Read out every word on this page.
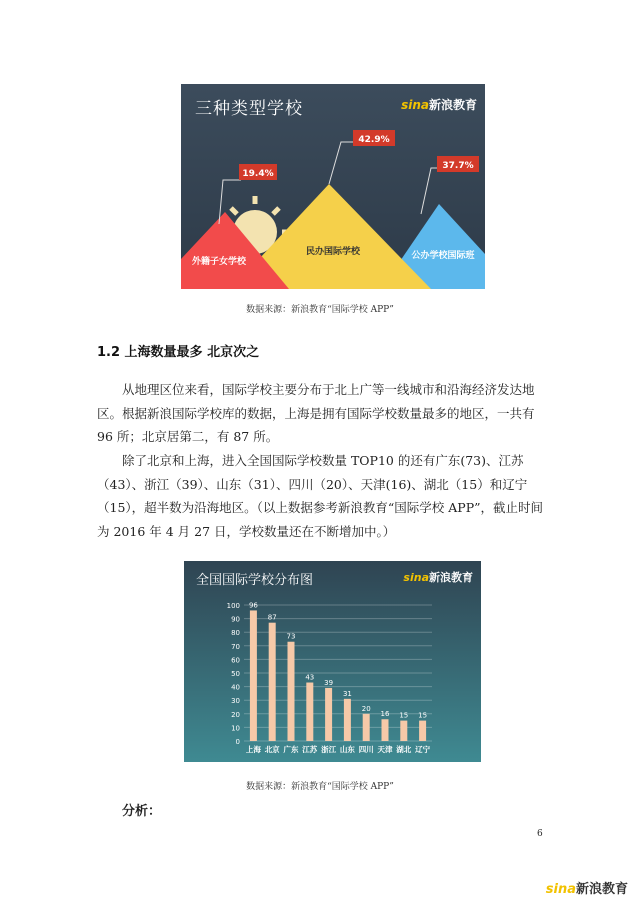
三种类型学校	sina新浪教育
19.4%
42.9%
37.7%
外籍子女学校
民办国际学校	公办学校国际班
数据来源：新浪教育“国际学校 APP”
1.2 上海数量最多 北京次之

从地理区位来看，国际学校主要分布于北上广等一线城市和沿海经济发达地区。根据新浪国际学校库的数据，上海是拥有国际学校数量最多的地区，一共有 96 所；北京居第二，有 87 所。

除了北京和上海，进入全国国际学校数量 TOP10 的还有广东(73)、江苏（43）、浙江（39）、山东（31）、四川（20）、天津(16)、湖北（15）和辽宁（15），超半数为沿海地区。（以上数据参考新浪教育“国际学校 APP”，截止时间为 2016 年 4 月 27 日，学校数量还在不断增加中。）

全国国际学校分布图	sina新浪教育
0
10
20
30
40
50
60
70
80
90
100 96
上海
87
北京
73
广东
43
江苏
39
浙江
31
山东
20
四川
16
天津
15
湖北
15
辽宁
数据来源：新浪教育“国际学校 APP”
分析：
6
sina新浪教育
